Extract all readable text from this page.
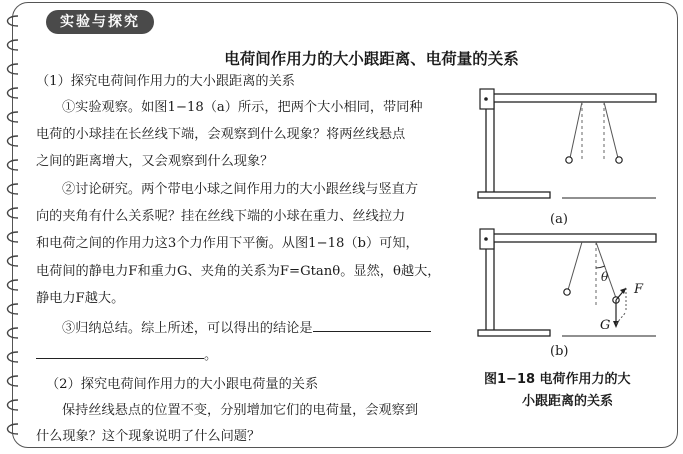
实验与探究
电荷间作用力的大小跟距离、电荷量的关系
（1）探究电荷间作用力的大小跟距离的关系
①实验观察。如图1−18（a）所示，把两个大小相同，带同种
电荷的小球挂在长丝线下端，会观察到什么现象？将两丝线悬点
之间的距离增大，又会观察到什么现象？
②讨论研究。两个带电小球之间作用力的大小跟丝线与竖直方
向的夹角有什么关系呢？挂在丝线下端的小球在重力、丝线拉力
和电荷之间的作用力这3个力作用下平衡。从图1−18（b）可知，
电荷间的静电力F和重力G、夹角的关系为F=Gtanθ。显然，θ越大，
静电力F越大。
③归纳总结。综上所述，可以得出的结论是
。
（2）探究电荷间作用力的大小跟电荷量的关系
保持丝线悬点的位置不变，分别增加它们的电荷量，会观察到
什么现象？这个现象说明了什么问题？
(a)
θ
F
G
(b)
图1−18 电荷作用力的大
小跟距离的关系
